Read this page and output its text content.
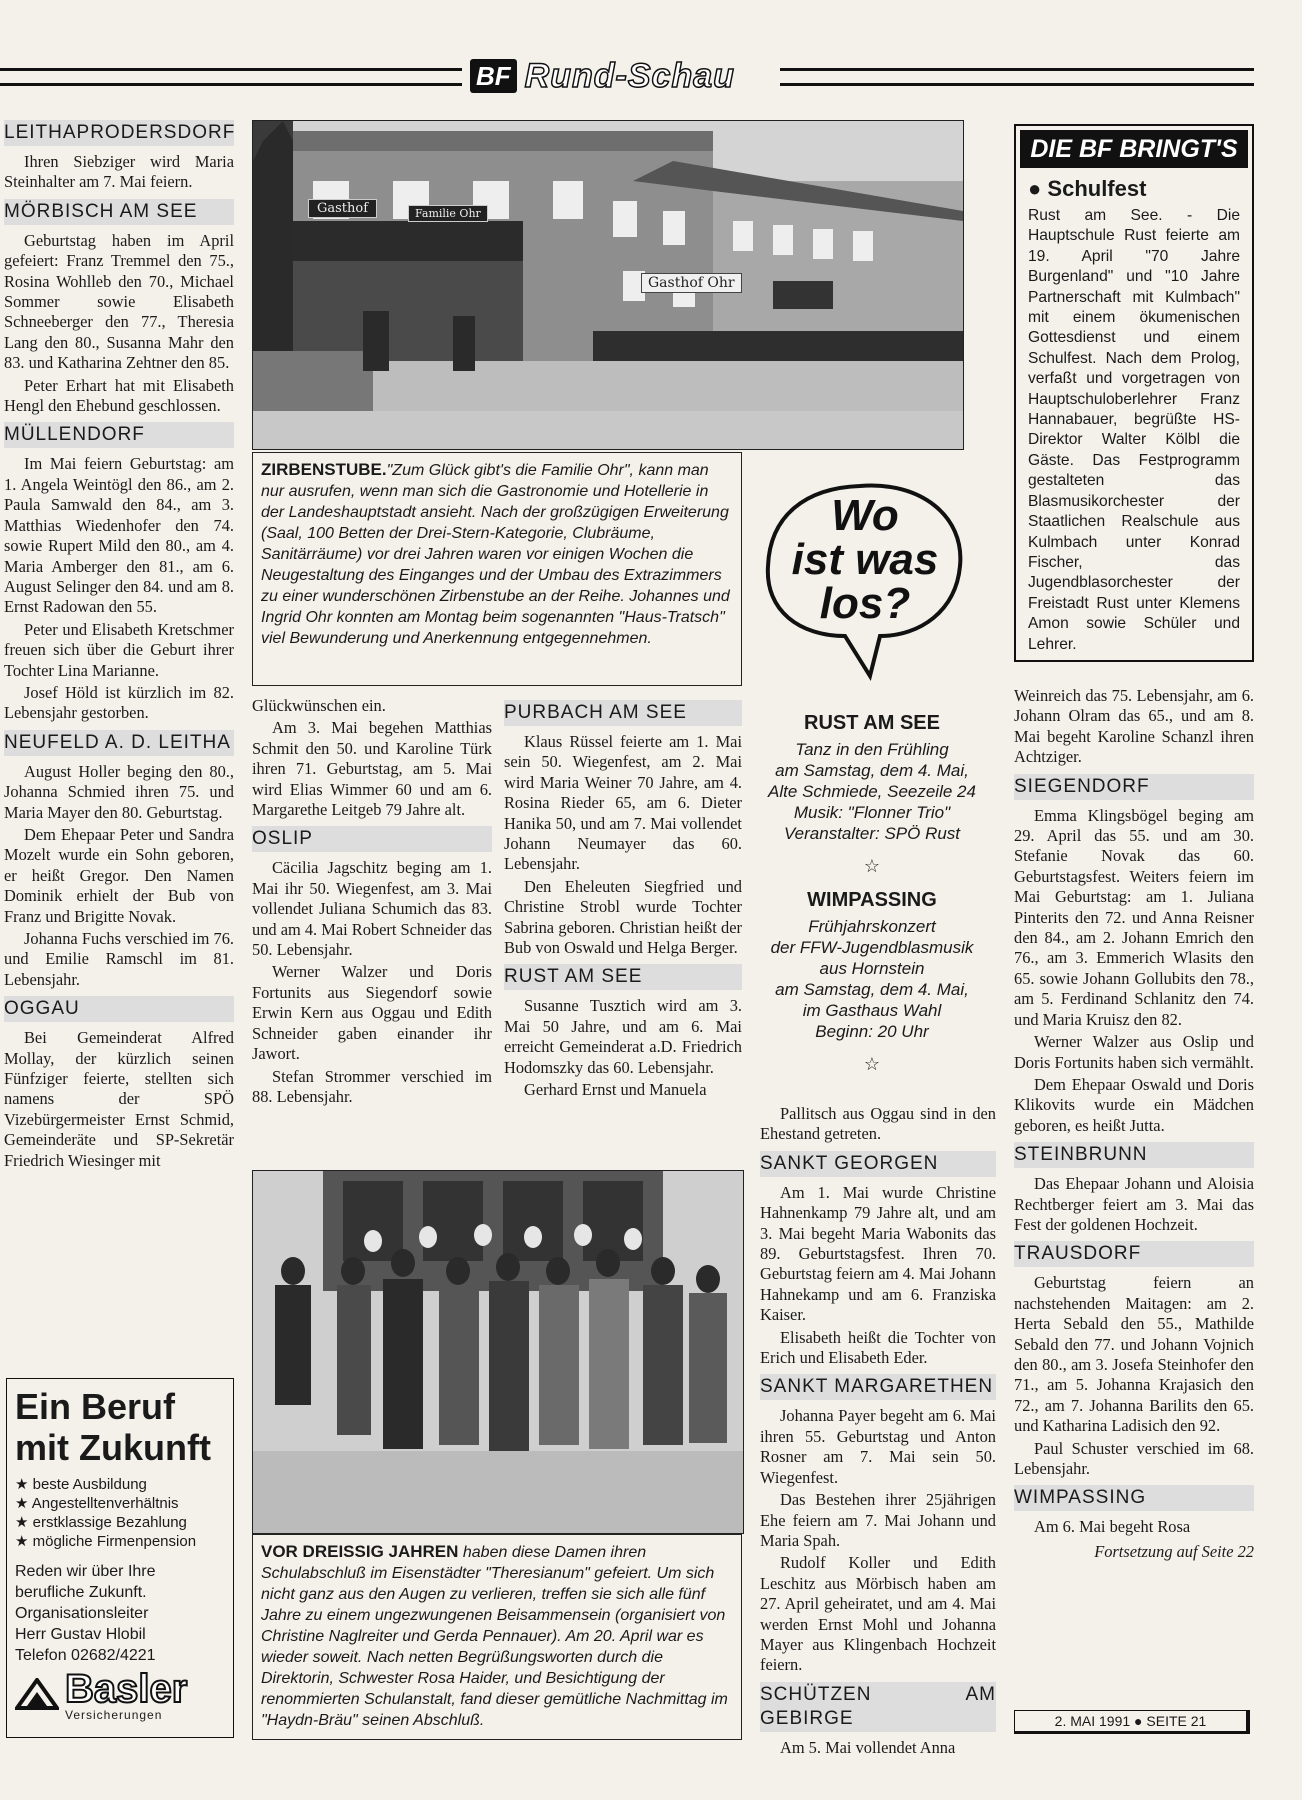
BF Rund-Schau
LEITHAPRODERSDORF

Ihren Siebziger wird Maria Steinhalter am 7. Mai feiern.

MÖRBISCH AM SEE

Geburtstag haben im April gefeiert: Franz Tremmel den 75., Rosina Wohlleb den 70., Michael Sommer sowie Elisabeth Schneeberger den 77., Theresia Lang den 80., Susanna Mahr den 83. und Katharina Zehtner den 85.

Peter Erhart hat mit Elisabeth Hengl den Ehebund geschlossen.

MÜLLENDORF

Im Mai feiern Geburtstag: am 1. Angela Weintögl den 86., am 2. Paula Samwald den 84., am 3. Matthias Wiedenhofer den 74. sowie Rupert Mild den 80., am 4. Maria Amberger den 81., am 6. August Selinger den 84. und am 8. Ernst Radowan den 55.

Peter und Elisabeth Kretschmer freuen sich über die Geburt ihrer Tochter Lina Marianne.

Josef Höld ist kürzlich im 82. Lebensjahr gestorben.

NEUFELD A. D. LEITHA

August Holler beging den 80., Johanna Schmied ihren 75. und Maria Mayer den 80. Geburtstag.

Dem Ehepaar Peter und Sandra Mozelt wurde ein Sohn geboren, er heißt Gregor. Den Namen Dominik erhielt der Bub von Franz und Brigitte Novak.

Johanna Fuchs verschied im 76. und Emilie Ramschl im 81. Lebensjahr.

OGGAU

Bei Gemeinderat Alfred Mollay, der kürzlich seinen Fünfziger feierte, stellten sich namens der SPÖ Vizebürgermeister Ernst Schmid, Gemeinderäte und SP-Sekretär Friedrich Wiesinger mit

Ein Beruf
mit Zukunft
★ beste Ausbildung
★ Angestelltenverhältnis
★ erstklassige Bezahlung
★ mögliche Firmenpension
Reden wir über Ihre
berufliche Zukunft.
Organisationsleiter
Herr Gustav Hlobil
Telefon 02682/4221
Basler
Versicherungen
Gasthof	Familie Ohr
Gasthof Ohr
ZIRBENSTUBE."Zum Glück gibt's die Familie Ohr", kann man nur ausrufen, wenn man sich die Gastronomie und Hotellerie in der Landeshauptstadt ansieht. Nach der großzügigen Erweiterung (Saal, 100 Betten der Drei-Stern-Kategorie, Clubräume, Sanitärräume) vor drei Jahren waren vor einigen Wochen die Neugestaltung des Einganges und der Umbau des Extrazimmers zu einer wunderschönen Zirbenstube an der Reihe. Johannes und Ingrid Ohr konnten am Montag beim sogenannten "Haus-Tratsch" viel Bewunderung und Anerkennung entgegennehmen.

Glückwünschen ein.

Am 3. Mai begehen Matthias Schmit den 50. und Karoline Türk ihren 71. Geburtstag, am 5. Mai wird Elias Wimmer 60 und am 6. Margarethe Leitgeb 79 Jahre alt.

OSLIP

Cäcilia Jagschitz beging am 1. Mai ihr 50. Wiegenfest, am 3. Mai vollendet Juliana Schumich das 83. und am 4. Mai Robert Schneider das 50. Lebensjahr.

Werner Walzer und Doris Fortunits aus Siegendorf sowie Erwin Kern aus Oggau und Edith Schneider gaben einander ihr Jawort.

Stefan Strommer verschied im 88. Lebensjahr.

PURBACH AM SEE

Klaus Rüssel feierte am 1. Mai sein 50. Wiegenfest, am 2. Mai wird Maria Weiner 70 Jahre, am 4. Rosina Rieder 65, am 6. Dieter Hanika 50, und am 7. Mai vollendet Johann Neumayer das 60. Lebensjahr.

Den Eheleuten Siegfried und Christine Strobl wurde Tochter Sabrina geboren. Christian heißt der Bub von Oswald und Helga Berger.

RUST AM SEE

Susanne Tusztich wird am 3. Mai 50 Jahre, und am 6. Mai erreicht Gemeinderat a.D. Friedrich Hodomszky das 60. Lebensjahr.

Gerhard Ernst und Manuela

VOR DREISSIG JAHREN haben diese Damen ihren Schulabschluß im Eisenstädter "Theresianum" gefeiert. Um sich nicht ganz aus den Augen zu verlieren, treffen sie sich alle fünf Jahre zu einem ungezwungenen Beisammensein (organisiert von Christine Naglreiter und Gerda Pennauer). Am 20. April war es wieder soweit. Nach netten Begrüßungsworten durch die Direktorin, Schwester Rosa Haider, und Besichtigung der renommierten Schulanstalt, fand dieser gemütliche Nachmittag im "Haydn-Bräu" seinen Abschluß.
Wo
ist was
los?
RUST AM SEE
Tanz in den Frühling
am Samstag, dem 4. Mai,
Alte Schmiede, Seezeile 24
Musik: "Flonner Trio"
Veranstalter: SPÖ Rust
☆
WIMPASSING
Frühjahrskonzert
der FFW-Jugendblasmusik
aus Hornstein
am Samstag, dem 4. Mai,
im Gasthaus Wahl
Beginn: 20 Uhr
☆

Pallitsch aus Oggau sind in den Ehestand getreten.

SANKT GEORGEN

Am 1. Mai wurde Christine Hahnenkamp 79 Jahre alt, und am 3. Mai begeht Maria Wabonits das 89. Geburtstagsfest. Ihren 70. Geburtstag feiern am 4. Mai Johann Hahnekamp und am 6. Franziska Kaiser.

Elisabeth heißt die Tochter von Erich und Elisabeth Eder.

SANKT MARGARETHEN

Johanna Payer begeht am 6. Mai ihren 55. Geburtstag und Anton Rosner am 7. Mai sein 50. Wiegenfest.

Das Bestehen ihrer 25jährigen Ehe feiern am 7. Mai Johann und Maria Spah.

Rudolf Koller und Edith Leschitz aus Mörbisch haben am 27. April geheiratet, und am 4. Mai werden Ernst Mohl und Johanna Mayer aus Klingenbach Hochzeit feiern.

SCHÜTZEN AM GEBIRGE

Am 5. Mai vollendet Anna

DIE BF BRINGT'S
● Schulfest
Rust am See. - Die Hauptschule Rust feierte am 19. April "70 Jahre Burgenland" und "10 Jahre Partnerschaft mit Kulmbach" mit einem ökumenischen Gottesdienst und einem Schulfest. Nach dem Prolog, verfaßt und vorgetragen von Hauptschuloberlehrer Franz Hannabauer, begrüßte HS-Direktor Walter Kölbl die Gäste. Das Festprogramm gestalteten das Blasmusikorchester der Staatlichen Realschule aus Kulmbach unter Konrad Fischer, das Jugendblasorchester der Freistadt Rust unter Klemens Amon sowie Schüler und Lehrer.

Weinreich das 75. Lebensjahr, am 6. Johann Olram das 65., und am 8. Mai begeht Karoline Schanzl ihren Achtziger.

SIEGENDORF

Emma Klingsbögel beging am 29. April das 55. und am 30. Stefanie Novak das 60. Geburtstagsfest. Weiters feiern im Mai Geburtstag: am 1. Juliana Pinterits den 72. und Anna Reisner den 84., am 2. Johann Emrich den 76., am 3. Emmerich Wlasits den 65. sowie Johann Gollubits den 78., am 5. Ferdinand Schlanitz den 74. und Maria Kruisz den 82.

Werner Walzer aus Oslip und Doris Fortunits haben sich vermählt.

Dem Ehepaar Oswald und Doris Klikovits wurde ein Mädchen geboren, es heißt Jutta.

STEINBRUNN

Das Ehepaar Johann und Aloisia Rechtberger feiert am 3. Mai das Fest der goldenen Hochzeit.

TRAUSDORF

Geburtstag feiern an nachstehenden Maitagen: am 2. Herta Sebald den 55., Mathilde Sebald den 77. und Johann Vojnich den 80., am 3. Josefa Steinhofer den 71., am 5. Johanna Krajasich den 72., am 7. Johanna Barilits den 65. und Katharina Ladisich den 92.

Paul Schuster verschied im 68. Lebensjahr.

WIMPASSING

Am 6. Mai begeht Rosa

Fortsetzung auf Seite 22
2. MAI 1991 ● SEITE 21
